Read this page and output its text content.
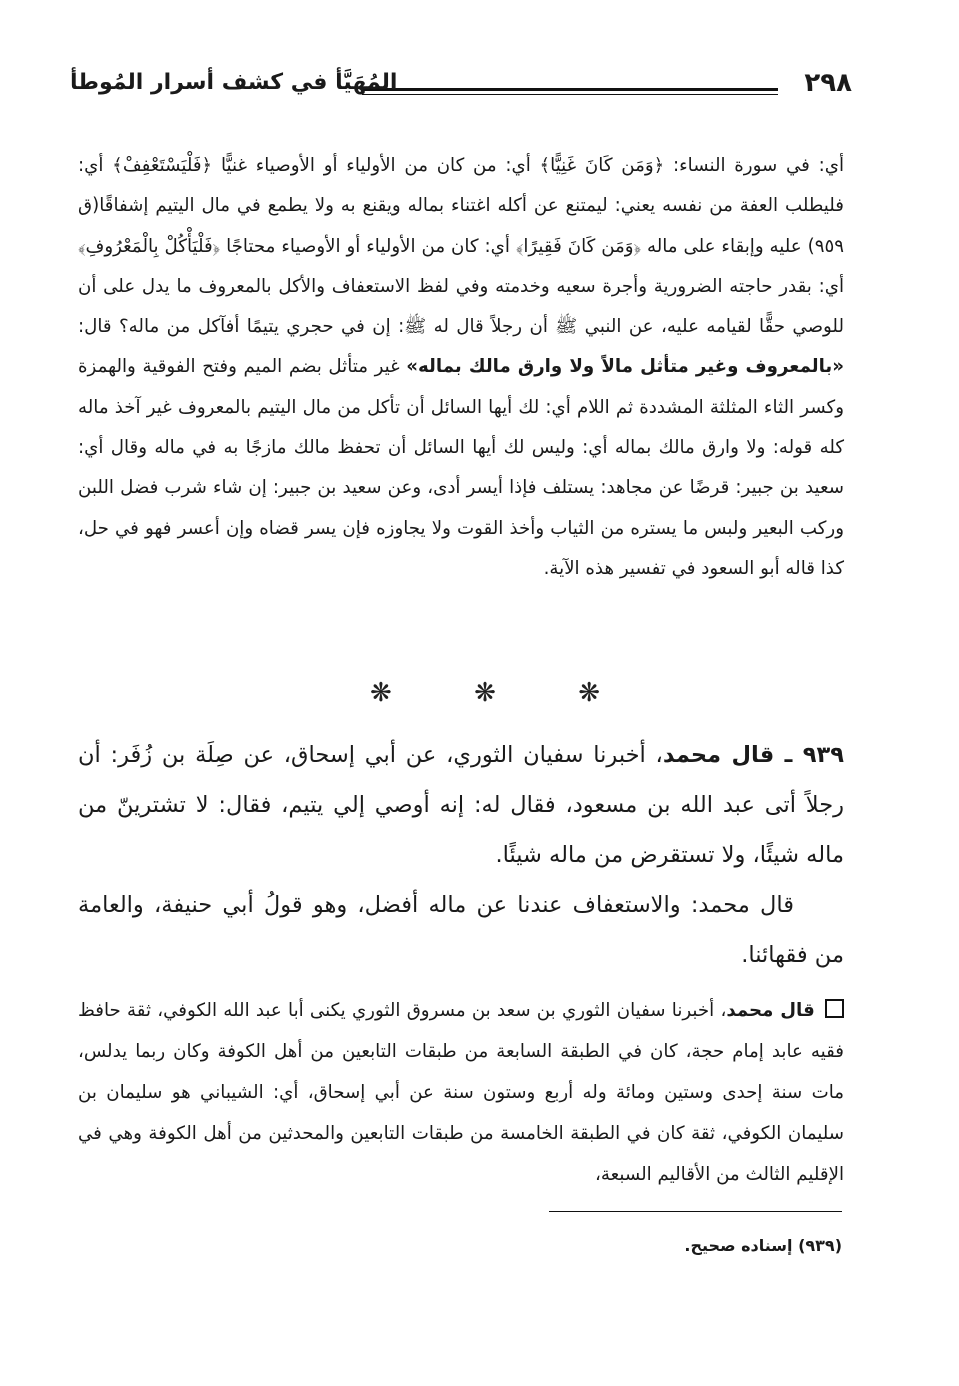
٢٩٨
المُهَيَّأ في كشف أسرار المُوطأ

أي: في سورة النساء: ﴿وَمَن كَانَ غَنِيًّا﴾ أي: من كان من الأولياء أو الأوصياء غنيًّا ﴿فَلْيَسْتَعْفِفْ﴾ أي: فليطلب العفة من نفسه يعني: ليمتنع عن أكله اغتناء بماله ويقنع به ولا يطمع في مال اليتيم إشفاقًا(ق ٩٥٩) عليه وإبقاء على ماله ﴿وَمَن كَانَ فَقِيرًا﴾ أي: كان من الأولياء أو الأوصياء محتاجًا ﴿فَلْيَأْكُلْ بِالْمَعْرُوفِ﴾ أي: بقدر حاجته الضرورية وأجرة سعيه وخدمته وفي لفظ الاستعفاف والأكل بالمعروف ما يدل على أن للوصي حقًّا لقيامه عليه، عن النبي ﷺ أن رجلاً قال له ﷺ: إن في حجري يتيمًا أفآكل من ماله؟ قال: «بالمعروف وغير متأثل مالاً ولا وارق مالك بماله» غير متأثل بضم الميم وفتح الفوقية والهمزة وكسر الثاء المثلثة المشددة ثم اللام أي: لك أيها السائل أن تأكل من مال اليتيم بالمعروف غير آخذ ماله كله قوله: ولا وارق مالك بماله أي: وليس لك أيها السائل أن تحفظ مالك مازجًا به في ماله وقال أي: سعيد بن جبير: قرضًا عن مجاهد: يستلف فإذا أيسر أدى، وعن سعيد بن جبير: إن شاء شرب فضل اللبن وركب البعير ولبس ما يستره من الثياب وأخذ القوت ولا يجاوزه فإن يسر قضاه وإن أعسر فهو في حل، كذا قاله أبو السعود في تفسير هذه الآية.

❋	❋	❋

٩٣٩ ـ قال محمد، أخبرنا سفيان الثوري، عن أبي إسحاق، عن صِلَة بن زُفَر: أن رجلاً أتى عبد الله بن مسعود، فقال له: إنه أوصي إلي يتيم، فقال: لا تشترينّ من ماله شيئًا، ولا تستقرض من ماله شيئًا.

قال محمد: والاستعفاف عندنا عن ماله أفضل، وهو قولُ أبي حنيفة، والعامة من فقهائنا.

قال محمد، أخبرنا سفيان الثوري بن سعد بن مسروق الثوري يكنى أبا عبد الله الكوفي، ثقة حافظ فقيه عابد إمام حجة، كان في الطبقة السابعة من طبقات التابعين من أهل الكوفة وكان ربما يدلس، مات سنة إحدى وستين ومائة وله أربع وستون سنة عن أبي إسحاق، أي: الشيباني هو سليمان بن سليمان الكوفي، ثقة كان في الطبقة الخامسة من طبقات التابعين والمحدثين من أهل الكوفة وهي في الإقليم الثالث من الأقاليم السبعة،

(٩٣٩) إسناده صحيح.
